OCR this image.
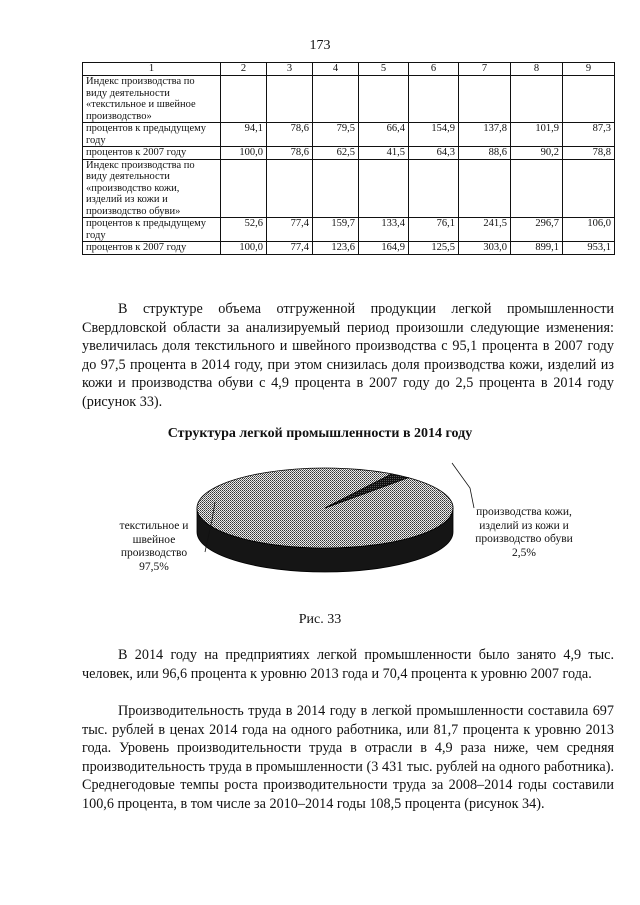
173
1	2	3	4	5	6	7	8	9
Индекс производства по виду деятельности «текстильное и швейное производство»								
процентов к предыдущему году	94,1	78,6	79,5	66,4	154,9	137,8	101,9	87,3
процентов к 2007 году	100,0	78,6	62,5	41,5	64,3	88,6	90,2	78,8
Индекс производства по виду деятельности «производство кожи, изделий из кожи и производство обуви»								
процентов к предыдущему году	52,6	77,4	159,7	133,4	76,1	241,5	296,7	106,0
процентов к 2007 году	100,0	77,4	123,6	164,9	125,5	303,0	899,1	953,1

В структуре объема отгруженной продукции легкой промышленности Свердловской области за анализируемый период произошли следующие изменения: увеличилась доля текстильного и швейного производства с 95,1 процента в 2007 году до 97,5 процента в 2014 году, при этом снизилась доля производства кожи, изделий из кожи и производства обуви с 4,9 процента в 2007 году до 2,5 процента в 2014 году (рисунок 33).

Структура легкой промышленности в 2014 году
текстильное и швейное производство
97,5%
производства кожи, изделий из кожи и производство обуви
2,5%
Рис. 33

В 2014 году на предприятиях легкой промышленности было занято 4,9 тыс. человек, или 96,6 процента к уровню 2013 года и 70,4 процента к уровню 2007 года.

Производительность труда в 2014 году в легкой промышленности составила 697 тыс. рублей в ценах 2014 года на одного работника, или 81,7 процента к уровню 2013 года. Уровень производительности труда в отрасли в 4,9 раза ниже, чем средняя производительность труда в промышленности (3 431 тыс. рублей на одного работника). Среднегодовые темпы роста производительности труда за 2008–2014 годы составили 100,6 процента, в том числе за 2010–2014 годы 108,5 процента (рисунок 34).
